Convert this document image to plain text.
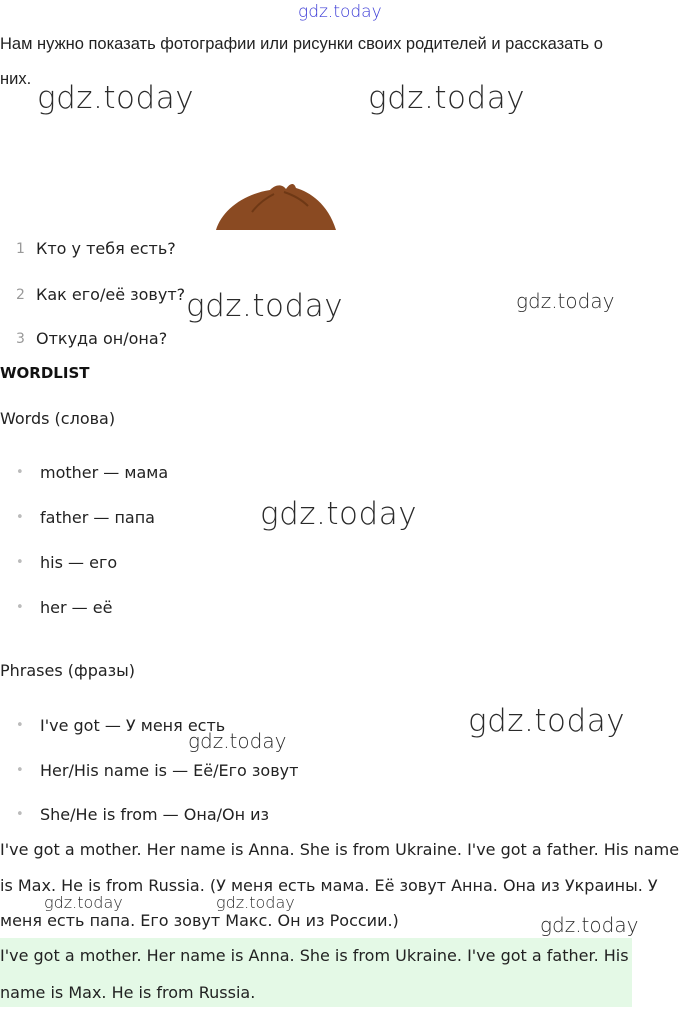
gdz.today
Нам нужно показать фотографии или рисунки своих родителей и рассказать о
них.
gdz.today	gdz.today
1 Кто у тебя есть?
2 Как его/её зовут?
3 Откуда он/она?
gdz.today	gdz.today
WORDLIST
Words (слова)
• mother — мама
• father — папа
• his — его
• her — её
gdz.today
Phrases (фразы)
• I've got — У меня есть
• Her/His name is — Её/Его зовут
• She/He is from — Она/Он из
gdz.today
gdz.today
I've got a mother. Her name is Anna. She is from Ukraine. I've got a father. His name
is Max. He is from Russia. (У меня есть мама. Её зовут Анна. Она из Украины. У
меня есть папа. Его зовут Макс. Он из России.)
gdz.today	gdz.today
gdz.today
I've got a mother. Her name is Anna. She is from Ukraine. I've got a father. His
name is Max. He is from Russia.
